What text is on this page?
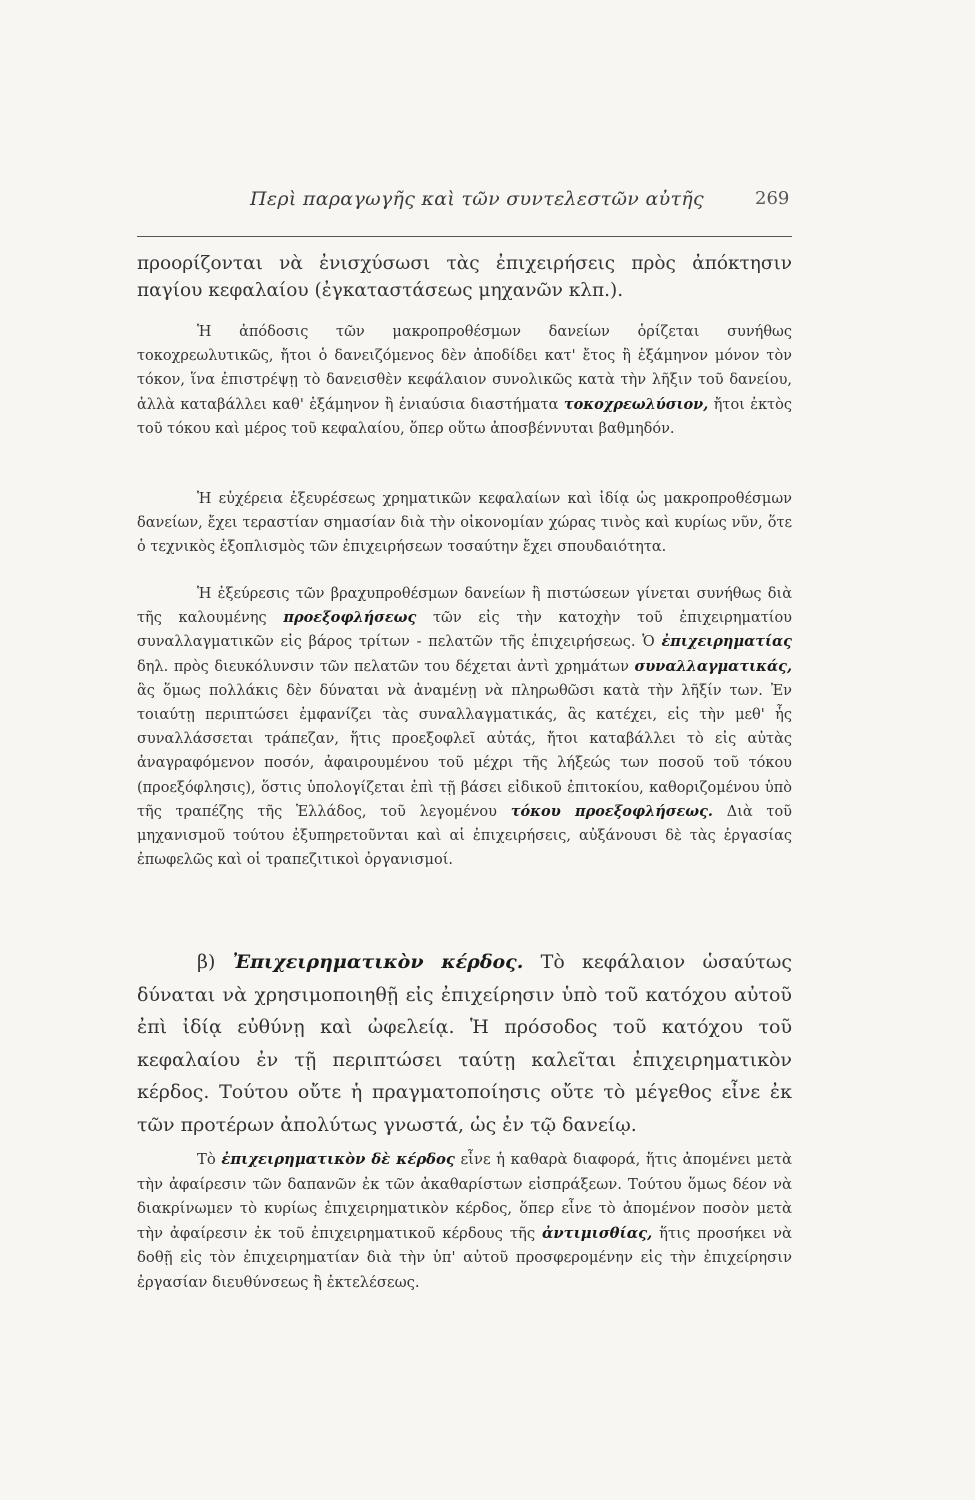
Περὶ παραγωγῆς καὶ τῶν συντελεστῶν αὐτῆς	269

προορίζονται νὰ ἐνισχύσωσι τὰς ἐπιχειρήσεις πρὸς ἀπόκτησιν παγίου κεφαλαίου (ἐγκαταστάσεως μηχανῶν κλπ.).

Ἡ ἀπόδοσις τῶν μακροπροθέσμων δανείων ὁρίζεται συνήθως τοκοχρεωλυτικῶς, ἤτοι ὁ δανειζόμενος δὲν ἀποδίδει κατ' ἔτος ἢ ἑξάμηνον μόνον τὸν τόκον, ἵνα ἐπιστρέψῃ τὸ δανεισθὲν κεφάλαιον συνολικῶς κατὰ τὴν λῆξιν τοῦ δανείου, ἀλλὰ καταβάλλει καθ' ἑξάμηνον ἢ ἐνιαύσια διαστήματα τοκοχρεωλύσιον, ἤτοι ἐκτὸς τοῦ τόκου καὶ μέρος τοῦ κεφαλαίου, ὅπερ οὕτω ἀποσβέννυται βαθμηδόν.

Ἡ εὐχέρεια ἐξευρέσεως χρηματικῶν κεφαλαίων καὶ ἰδίᾳ ὡς μακροπροθέσμων δανείων, ἔχει τεραστίαν σημασίαν διὰ τὴν οἰκονομίαν χώρας τινὸς καὶ κυρίως νῦν, ὅτε ὁ τεχνικὸς ἐξοπλισμὸς τῶν ἐπιχειρήσεων τοσαύτην ἔχει σπουδαιότητα.

Ἡ ἐξεύρεσις τῶν βραχυπροθέσμων δανείων ἢ πιστώσεων γίνεται συνήθως διὰ τῆς καλουμένης προεξοφλήσεως τῶν εἰς τὴν κατοχὴν τοῦ ἐπιχειρηματίου συναλλαγματικῶν εἰς βάρος τρίτων - πελατῶν τῆς ἐπιχειρήσεως. Ὁ ἐπιχειρηματίας δηλ. πρὸς διευκόλυνσιν τῶν πελατῶν του δέχεται ἀντὶ χρημάτων συναλλαγματικάς, ἃς ὅμως πολλάκις δὲν δύναται νὰ ἀναμένῃ νὰ πληρωθῶσι κατὰ τὴν λῆξίν των. Ἐν τοιαύτῃ περιπτώσει ἐμφανίζει τὰς συναλλαγματικάς, ἃς κατέχει, εἰς τὴν μεθ' ἧς συναλλάσσεται τράπεζαν, ἥτις προεξοφλεῖ αὐτάς, ἤτοι καταβάλλει τὸ εἰς αὐτὰς ἀναγραφόμενον ποσόν, ἀφαιρουμένου τοῦ μέχρι τῆς λήξεώς των ποσοῦ τοῦ τόκου (προεξόφλησις), ὅστις ὑπολογίζεται ἐπὶ τῇ βάσει εἰδικοῦ ἐπιτοκίου, καθοριζομένου ὑπὸ τῆς τραπέζης τῆς Ἑλλάδος, τοῦ λεγομένου τόκου προεξοφλήσεως. Διὰ τοῦ μηχανισμοῦ τούτου ἐξυπηρετοῦνται καὶ αἱ ἐπιχειρήσεις, αὐξάνουσι δὲ τὰς ἐργασίας ἐπωφελῶς καὶ οἱ τραπεζιτικοὶ ὀργανισμοί.

β) Ἐπιχειρηματικὸν κέρδος. Τὸ κεφάλαιον ὡσαύτως δύναται νὰ χρησιμοποιηθῇ εἰς ἐπιχείρησιν ὑπὸ τοῦ κατόχου αὐτοῦ ἐπὶ ἰδίᾳ εὐθύνῃ καὶ ὠφελείᾳ. Ἡ πρόσοδος τοῦ κατόχου τοῦ κεφαλαίου ἐν τῇ περιπτώσει ταύτῃ καλεῖται ἐπιχειρηματικὸν κέρδος. Τούτου οὔτε ἡ πραγματοποίησις οὔτε τὸ μέγεθος εἶνε ἐκ τῶν προτέρων ἀπολύτως γνωστά, ὡς ἐν τῷ δανείῳ.

Τὸ ἐπιχειρηματικὸν δὲ κέρδος εἶνε ἡ καθαρὰ διαφορά, ἥτις ἀπομένει μετὰ τὴν ἀφαίρεσιν τῶν δαπανῶν ἐκ τῶν ἀκαθαρίστων εἰσπράξεων. Τούτου ὅμως δέον νὰ διακρίνωμεν τὸ κυρίως ἐπιχειρηματικὸν κέρδος, ὅπερ εἶνε τὸ ἀπομένον ποσὸν μετὰ τὴν ἀφαίρεσιν ἐκ τοῦ ἐπιχειρηματικοῦ κέρδους τῆς ἀντιμισθίας, ἥτις προσήκει νὰ δοθῇ εἰς τὸν ἐπιχειρηματίαν διὰ τὴν ὑπ' αὐτοῦ προσφερομένην εἰς τὴν ἐπιχείρησιν ἐργασίαν διευθύνσεως ἢ ἐκτελέσεως.
